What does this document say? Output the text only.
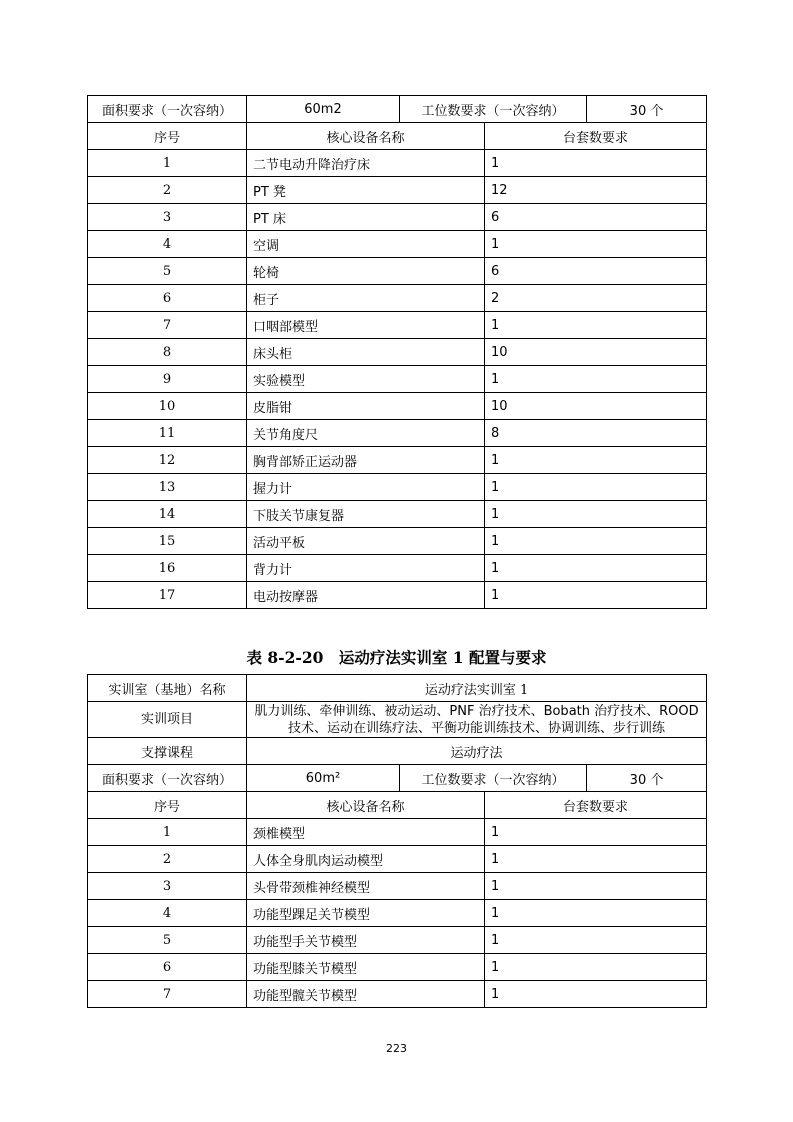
面积要求（一次容纳）	60m2	工位数要求（一次容纳）		30 个
序号	核心设备名称		台套数要求	
1	二节电动升降治疗床		1	
2	PT 凳		12	
3	PT 床		6	
4	空调		1	
5	轮椅		6	
6	柜子		2	
7	口咽部模型		1	
8	床头柜		10	
9	实验模型		1	
10	皮脂钳		10	
11	关节角度尺		8	
12	胸背部矫正运动器		1	
13	握力计		1	
14	下肢关节康复器		1	
15	活动平板		1	
16	背力计		1	
17	电动按摩器		1	
表 8-2-20　运动疗法实训室 1 配置与要求
实训室（基地）名称	运动疗法实训室 1			
实训项目	肌力训练、牵伸训练、被动运动、PNF 治疗技术、Bobath 治疗技术、ROOD 技术、运动在训练疗法、平衡功能训练技术、协调训练、步行训练			
支撑课程	运动疗法			
面积要求（一次容纳）	60m²	工位数要求（一次容纳）		30 个
序号	核心设备名称		台套数要求	
1	颈椎模型		1	
2	人体全身肌肉运动模型		1	
3	头骨带颈椎神经模型		1	
4	功能型踝足关节模型		1	
5	功能型手关节模型		1	
6	功能型膝关节模型		1	
7	功能型髋关节模型		1	
223
